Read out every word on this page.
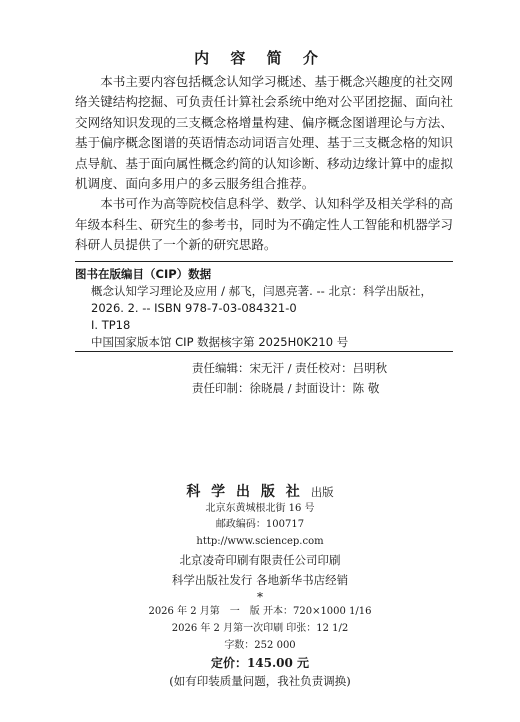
内 容 简 介

本书主要内容包括概念认知学习概述、基于概念兴趣度的社交网络关键结构挖掘、可负责任计算社会系统中绝对公平团挖掘、面向社交网络知识发现的三支概念格增量构建、偏序概念图谱理论与方法、基于偏序概念图谱的英语情态动词语言处理、基于三支概念格的知识点导航、基于面向属性概念约简的认知诊断、移动边缘计算中的虚拟机调度、面向多用户的多云服务组合推荐。

本书可作为高等院校信息科学、数学、认知科学及相关学科的高年级本科生、研究生的参考书，同时为不确定性人工智能和机器学习科研人员提供了一个新的研究思路。

图书在版编目（CIP）数据
概念认知学习理论及应用 / 郝飞，闫恩亮著. -- 北京：科学出版社，
2026. 2. -- ISBN 978-7-03-084321-0
Ⅰ. TP18
中国国家版本馆 CIP 数据核字第 2025H0K210 号
责任编辑：宋无汗 / 责任校对：吕明秋
责任印制：徐晓晨 / 封面设计：陈 敬
科 学 出 版 社 出版
北京东黄城根北街 16 号
邮政编码：100717
http://www.sciencep.com
北京凌奇印刷有限责任公司印刷
科学出版社发行 各地新华书店经销
*
2026 年 2 月第　一　版 开本：720×1000 1/16
2026 年 2 月第一次印刷 印张：12 1/2
字数：252 000
定价：145.00 元
(如有印装质量问题，我社负责调换)
